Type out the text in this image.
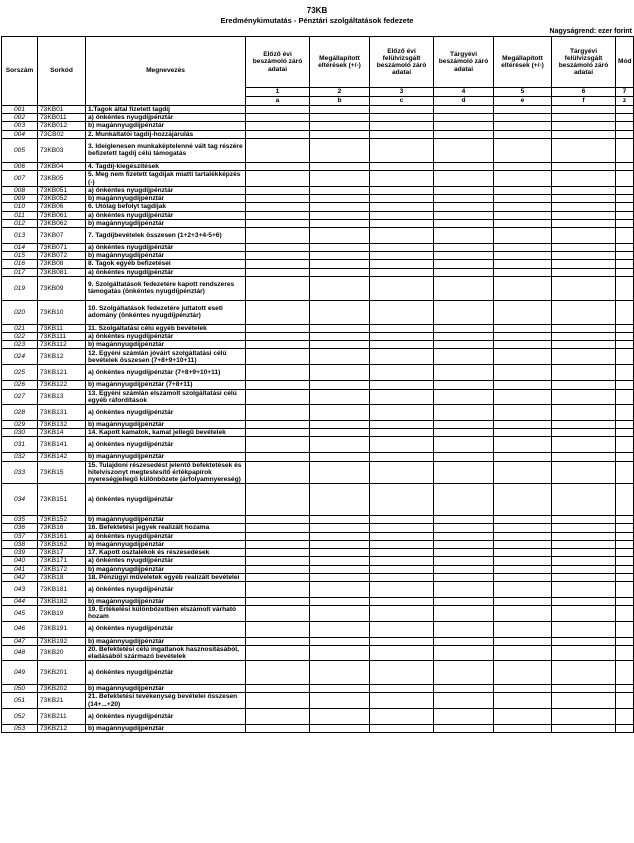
73KB
Eredménykimutatás - Pénztári szolgáltatások fedezete
Nagyságrend: ezer forint
Sorszám	Sorkód	Megnevezés	Előző évi beszámoló záró adatai	Megállapított eltérések (+/-)	Előző évi felülvizsgált beszámoló záró adatai	Tárgyévi beszámoló záró adatai	Megállapított eltérések (+/-)	Tárgyévi felülvizsgált beszámoló záró adatai	Mód
			1	2	3	4	5	6	7
			a	b	c	d	e	f	z
001	73KB01	1.Tagok által fizetett tagdíj							
002	73KB011	a) önkéntes nyugdíjpénztár							
003	73KB012	b) magánnyugdíjpénztár							
004	73CB02	2. Munkáltatói tagdíj-hozzájárulás							
005	73KB03	3. Ideiglenesen munkaképtelenné vált tag részére befizetett tagdíj célú támogatás							
006	73KB04	4. Tagdíj-kiegészítések							
007	73KB05	5. Meg nem fizetett tagdíjak miatti tartalékképzés (-)							
008	73KB051	a) önkéntes nyugdíjpénztár							
009	73KB052	b) magánnyugdíjpénztár							
010	73KB06	6. Utólag befolyt tagdíjak							
011	73KB061	a) önkéntes nyugdíjpénztár							
012	73KB062	b) magánnyugdíjpénztár							
013	73KB07	7. Tagdíjbevételek összesen (1+2+3+4-5+6)							
014	73KB071	a) önkéntes nyugdíjpénztár							
015	73KB072	b) magánnyugdíjpénztár							
016	73KB08	8. Tagok egyéb befizetései							
017	73KB081	a) önkéntes nyugdíjpénztár							
019	73KB09	9. Szolgáltatások fedezetére kapott rendszeres támogatás (önkéntes nyugdíjpénztár)							
020	73KB10	10. Szolgáltatások fedezetére juttatott eseti adomány (önkéntes nyugdíjpénztár)							
021	73KB11	11. Szolgáltatási célú egyéb bevételek							
022	73KB111	a) önkéntes nyugdíjpénztár							
023	73KB112	b) magánnyugdíjpénztár							
024	73KB12	12. Egyéni számlán jóváírt szolgáltatási célú bevételek összesen (7+8+9+10+11)							
025	73KB121	a) önkéntes nyugdíjpénztár (7+8+9+10+11)							
026	73KB122	b) magánnyugdíjpénztár (7+8+11)							
027	73KB13	13. Egyéni számlán elszámolt szolgáltatási célú egyéb ráfordítások							
028	73KB131	a) önkéntes nyugdíjpénztár							
029	73KB132	b) magánnyugdíjpénztár							
030	73KB14	14. Kapott kamatok, kamat jellegű bevételek							
031	73KB141	a) önkéntes nyugdíjpénztár							
032	73KB142	b) magánnyugdíjpénztár							
033	73KB15	15. Tulajdoni részesedést jelentő befektetések és hitelviszonyt megtestesítő értékpapírok nyereségjellegű különbözete (árfolyamnyereség)							
034	73KB151	a) önkéntes nyugdíjpénztár							
035	73KB152	b) magánnyugdíjpénztár							
036	73KB16	16. Befektetési jegyek realizált hozama							
037	73KB161	a) önkéntes nyugdíjpénztár							
038	73KB162	b) magánnyugdíjpénztár							
039	73KB17	17. Kapott osztalékok és részesedések							
040	73KB171	a) önkéntes nyugdíjpénztár							
041	73KB172	b) magánnyugdíjpénztár							
042	73KB18	18. Pénzügyi műveletek egyéb realizált bevételei							
043	73KB181	a) önkéntes nyugdíjpénztár							
044	73KB182	b) magánnyugdíjpénztár							
045	73KB19	19. Értékelési különbözetben elszámolt várható hozam							
046	73KB191	a) önkéntes nyugdíjpénztár							
047	73KB192	b) magánnyugdíjpénztár							
048	73KB20	20. Befektetési célú ingatlanok hasznosításából, eladásából származó bevételek							
049	73KB201	a) önkéntes nyugdíjpénztár							
050	73KB202	b) magánnyugdíjpénztár							
051	73KB21	21. Befektetési tevékenység bevételei összesen (14+...+20)							
052	73KB211	a) önkéntes nyugdíjpénztár							
053	73KB212	b) magánnyugdíjpénztár							
